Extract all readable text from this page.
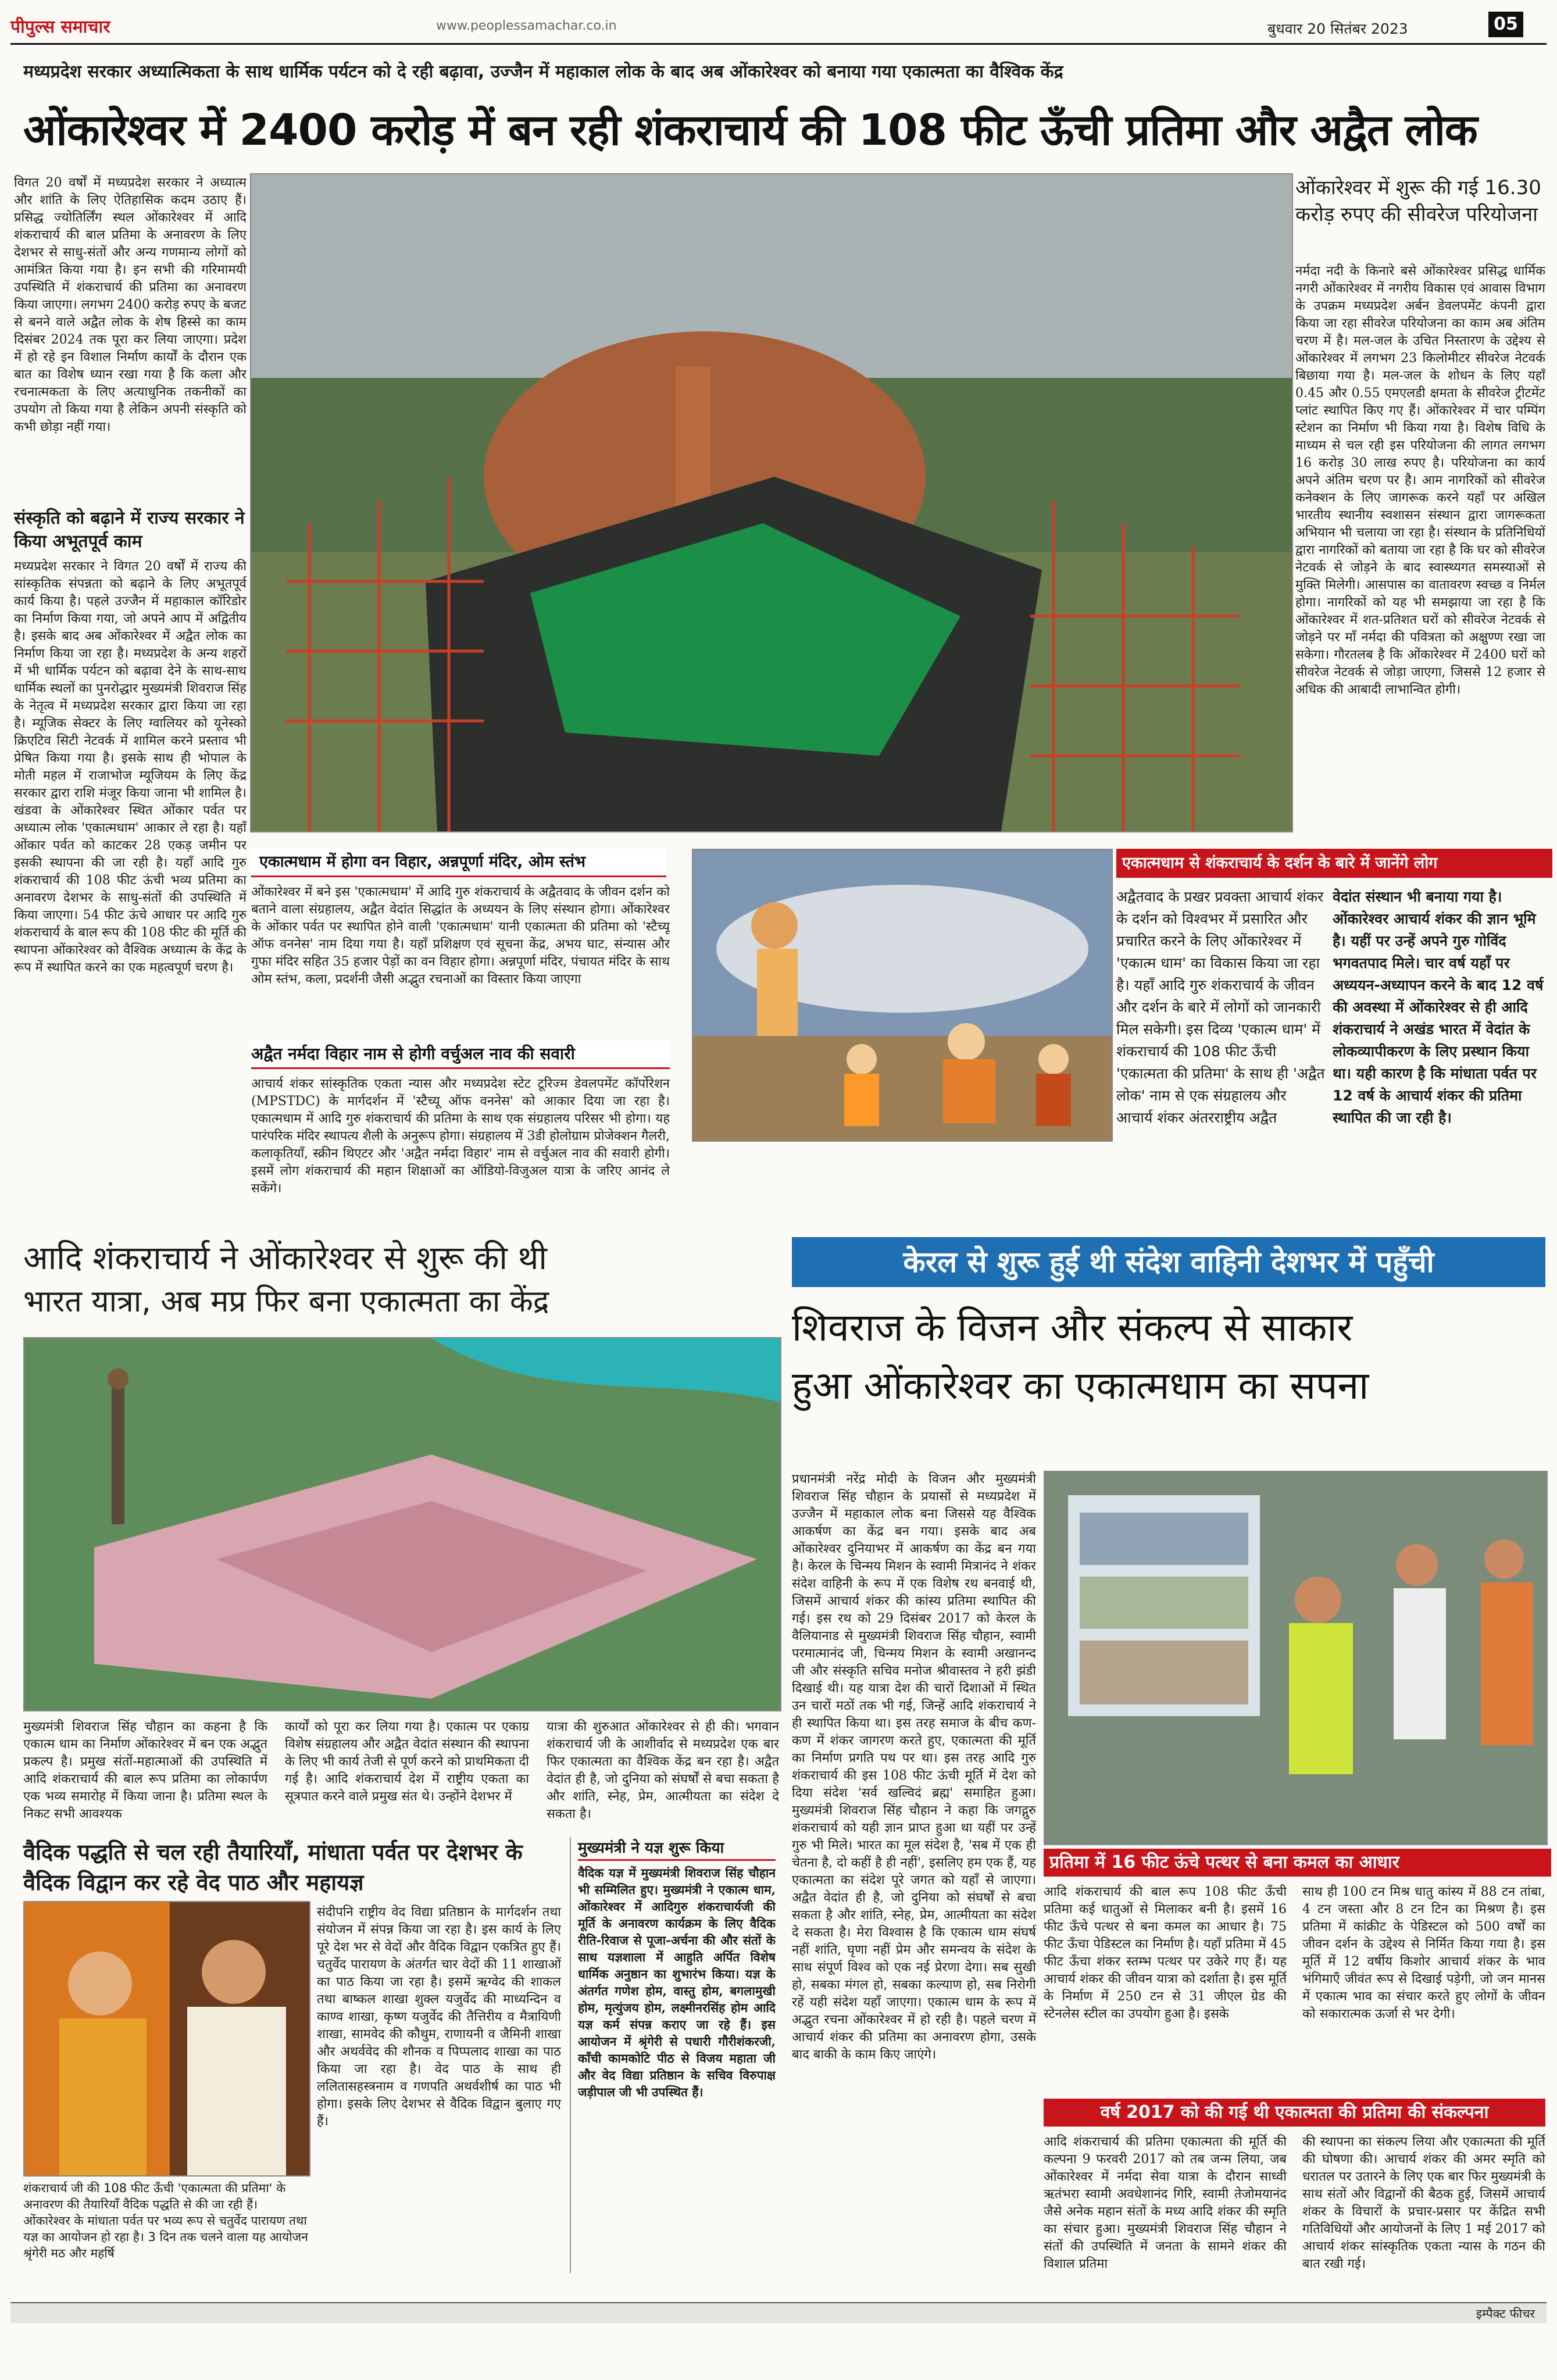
पीपुल्स समाचार	www.peoplessamachar.co.in	बुधवार 20 सितंबर 2023	05
मध्यप्रदेश सरकार अध्यात्मिकता के साथ धार्मिक पर्यटन को दे रही बढ़ावा, उज्जैन में महाकाल लोक के बाद अब ओंकारेश्वर को बनाया गया एकात्मता का वैश्विक केंद्र
ओंकारेश्वर में 2400 करोड़ में बन रही शंकराचार्य की 108 फीट ऊँची प्रतिमा और अद्वैत लोक
विगत 20 वर्षों में मध्यप्रदेश सरकार ने अध्यात्म और शांति के लिए ऐतिहासिक कदम उठाए हैं। प्रसिद्ध ज्योतिर्लिंग स्थल ओंकारेश्वर में आदि शंकराचार्य की बाल प्रतिमा के अनावरण के लिए देशभर से साधु-संतों और अन्य गणमान्य लोगों को आमंत्रित किया गया है। इन सभी की गरिमामयी उपस्थिति में शंकराचार्य की प्रतिमा का अनावरण किया जाएगा। लगभग 2400 करोड़ रुपए के बजट से बनने वाले अद्वैत लोक के शेष हिस्से का काम दिसंबर 2024 तक पूरा कर लिया जाएगा। प्रदेश में हो रहे इन विशाल निर्माण कार्यों के दौरान एक बात का विशेष ध्यान रखा गया है कि कला और रचनात्मकता के लिए अत्याधुनिक तकनीकों का उपयोग तो किया गया है लेकिन अपनी संस्कृति को कभी छोड़ा नहीं गया।
संस्कृति को बढ़ाने में राज्य सरकार ने किया अभूतपूर्व काम
मध्यप्रदेश सरकार ने विगत 20 वर्षों में राज्य की सांस्कृतिक संपन्नता को बढ़ाने के लिए अभूतपूर्व कार्य किया है। पहले उज्जैन में महाकाल कॉरिडोर का निर्माण किया गया, जो अपने आप में अद्वितीय है। इसके बाद अब ओंकारेश्वर में अद्वैत लोक का निर्माण किया जा रहा है। मध्यप्रदेश के अन्य शहरों में भी धार्मिक पर्यटन को बढ़ावा देने के साथ-साथ धार्मिक स्थलों का पुनरोद्धार मुख्यमंत्री शिवराज सिंह के नेतृत्व में मध्यप्रदेश सरकार द्वारा किया जा रहा है। म्यूजिक सेक्टर के लिए ग्वालियर को यूनेस्को क्रिएटिव सिटी नेटवर्क में शामिल करने प्रस्ताव भी प्रेषित किया गया है। इसके साथ ही भोपाल के मोती महल में राजाभोज म्यूजियम के लिए केंद्र सरकार द्वारा राशि मंजूर किया जाना भी शामिल है। खंडवा के ओंकारेश्वर स्थित ओंकार पर्वत पर अध्यात्म लोक 'एकात्मधाम' आकार ले रहा है। यहाँ ओंकार पर्वत को काटकर 28 एकड़ जमीन पर इसकी स्थापना की जा रही है। यहाँ आदि गुरु शंकराचार्य की 108 फीट ऊंची भव्य प्रतिमा का अनावरण देशभर के साधु-संतों की उपस्थिति में किया जाएगा। 54 फीट ऊंचे आधार पर आदि गुरु शंकराचार्य के बाल रूप की 108 फीट की मूर्ति की स्थापना ओंकारेश्वर को वैश्विक अध्यात्म के केंद्र के रूप में स्थापित करने का एक महत्वपूर्ण चरण है।
ओंकारेश्वर में शुरू की गई 16.30 करोड़ रुपए की सीवरेज परियोजना
नर्मदा नदी के किनारे बसे ओंकारेश्वर प्रसिद्ध धार्मिक नगरी ओंकारेश्वर में नगरीय विकास एवं आवास विभाग के उपक्रम मध्यप्रदेश अर्बन डेवलपमेंट कंपनी द्वारा किया जा रहा सीवरेज परियोजना का काम अब अंतिम चरण में है। मल-जल के उचित निस्तारण के उद्देश्य से ओंकारेश्वर में लगभग 23 किलोमीटर सीवरेज नेटवर्क बिछाया गया है। मल-जल के शोधन के लिए यहाँ 0.45 और 0.55 एमएलडी क्षमता के सीवरेज ट्रीटमेंट प्लांट स्थापित किए गए हैं। ओंकारेश्वर में चार पम्पिंग स्टेशन का निर्माण भी किया गया है। विशेष विधि के माध्यम से चल रही इस परियोजना की लागत लगभग 16 करोड़ 30 लाख रुपए है। परियोजना का कार्य अपने अंतिम चरण पर है। आम नागरिकों को सीवरेज कनेक्शन के लिए जागरूक करने यहाँ पर अखिल भारतीय स्थानीय स्वशासन संस्थान द्वारा जागरूकता अभियान भी चलाया जा रहा है। संस्थान के प्रतिनिधियों द्वारा नागरिकों को बताया जा रहा है कि घर को सीवरेज नेटवर्क से जोड़ने के बाद स्वास्थ्यगत समस्याओं से मुक्ति मिलेगी। आसपास का वातावरण स्वच्छ व निर्मल होगा। नागरिकों को यह भी समझाया जा रहा है कि ओंकारेश्वर में शत-प्रतिशत घरों को सीवरेज नेटवर्क से जोड़ने पर माँ नर्मदा की पवित्रता को अक्षुण्ण रखा जा सकेगा। गौरतलब है कि ओंकारेश्वर में 2400 घरों को सीवरेज नेटवर्क से जोड़ा जाएगा, जिससे 12 हजार से अधिक की आबादी लाभान्वित होगी।
एकात्मधाम में होगा वन विहार, अन्नपूर्णा मंदिर, ओम स्तंभ
ओंकारेश्वर में बने इस 'एकात्मधाम' में आदि गुरु शंकराचार्य के अद्वैतवाद के जीवन दर्शन को बताने वाला संग्रहालय, अद्वैत वेदांत सिद्धांत के अध्ययन के लिए संस्थान होगा। ओंकारेश्वर के ओंकार पर्वत पर स्थापित होने वाली 'एकात्मधाम' यानी एकात्मता की प्रतिमा को 'स्टैच्यू ऑफ वननेस' नाम दिया गया है। यहाँ प्रशिक्षण एवं सूचना केंद्र, अभय घाट, संन्यास और गुफा मंदिर सहित 35 हजार पेड़ों का वन विहार होगा। अन्नपूर्णा मंदिर, पंचायत मंदिर के साथ ओम स्तंभ, कला, प्रदर्शनी जैसी अद्भुत रचनाओं का विस्तार किया जाएगा
अद्वैत नर्मदा विहार नाम से होगी वर्चुअल नाव की सवारी
आचार्य शंकर सांस्कृतिक एकता न्यास और मध्यप्रदेश स्टेट टूरिज्म डेवलपमेंट कॉर्पोरेशन (MPSTDC) के मार्गदर्शन में 'स्टैच्यू ऑफ वननेस' को आकार दिया जा रहा है। एकात्मधाम में आदि गुरु शंकराचार्य की प्रतिमा के साथ एक संग्रहालय परिसर भी होगा। यह पारंपरिक मंदिर स्थापत्य शैली के अनुरूप होगा। संग्रहालय में 3डी होलोग्राम प्रोजेक्शन गैलरी, कलाकृतियाँ, स्क्रीन थिएटर और 'अद्वैत नर्मदा विहार' नाम से वर्चुअल नाव की सवारी होगी। इसमें लोग शंकराचार्य की महान शिक्षाओं का ऑडियो-विजुअल यात्रा के जरिए आनंद ले सकेंगे।
एकात्मधाम से शंकराचार्य के दर्शन के बारे में जानेंगे लोग
अद्वैतवाद के प्रखर प्रवक्ता आचार्य शंकर के दर्शन को विश्वभर में प्रसारित और प्रचारित करने के लिए ओंकारेश्वर में 'एकात्म धाम' का विकास किया जा रहा है। यहाँ आदि गुरु शंकराचार्य के जीवन और दर्शन के बारे में लोगों को जानकारी मिल सकेगी। इस दिव्य 'एकात्म धाम' में शंकराचार्य की 108 फीट ऊँची 'एकात्मता की प्रतिमा' के साथ ही 'अद्वैत लोक' नाम से एक संग्रहालय और आचार्य शंकर अंतरराष्ट्रीय अद्वैत
वेदांत संस्थान भी बनाया गया है। ओंकारेश्वर आचार्य शंकर की ज्ञान भूमि है। यहीं पर उन्हें अपने गुरु गोविंद भगवतपाद मिले। चार वर्ष यहाँ पर अध्ययन-अध्यापन करने के बाद 12 वर्ष की अवस्था में ओंकारेश्वर से ही आदि शंकराचार्य ने अखंड भारत में वेदांत के लोकव्यापीकरण के लिए प्रस्थान किया था। यही कारण है कि मांधाता पर्वत पर 12 वर्ष के आचार्य शंकर की प्रतिमा स्थापित की जा रही है।
आदि शंकराचार्य ने ओंकारेश्वर से शुरू की थी
भारत यात्रा, अब मप्र फिर बना एकात्मता का केंद्र
मुख्यमंत्री शिवराज सिंह चौहान का कहना है कि एकात्म धाम का निर्माण ओंकारेश्वर में बन एक अद्भुत प्रकल्प है। प्रमुख संतों-महात्माओं की उपस्थिति में आदि शंकराचार्य की बाल रूप प्रतिमा का लोकार्पण एक भव्य समारोह में किया जाना है। प्रतिमा स्थल के निकट सभी आवश्यक
कार्यों को पूरा कर लिया गया है। एकात्म पर एकाग्र विशेष संग्रहालय और अद्वैत वेदांत संस्थान की स्थापना के लिए भी कार्य तेजी से पूर्ण करने को प्राथमिकता दी गई है। आदि शंकराचार्य देश में राष्ट्रीय एकता का सूत्रपात करने वाले प्रमुख संत थे। उन्होंने देशभर में
यात्रा की शुरुआत ओंकारेश्वर से ही की। भगवान शंकराचार्य जी के आशीर्वाद से मध्यप्रदेश एक बार फिर एकात्मता का वैश्विक केंद्र बन रहा है। अद्वैत वेदांत ही है, जो दुनिया को संघर्षों से बचा सकता है और शांति, स्नेह, प्रेम, आत्मीयता का संदेश दे सकता है।
वैदिक पद्धति से चल रही तैयारियाँ, मांधाता पर्वत पर देशभर के वैदिक विद्वान कर रहे वेद पाठ और महायज्ञ
संदीपनि राष्ट्रीय वेद विद्या प्रतिष्ठान के मार्गदर्शन तथा संयोजन में संपन्न किया जा रहा है। इस कार्य के लिए पूरे देश भर से वेदों और वैदिक विद्वान एकत्रित हुए हैं। चतुर्वेद पारायण के अंतर्गत चार वेदों की 11 शाखाओं का पाठ किया जा रहा है। इसमें ऋग्वेद की शाकल तथा बाष्कल शाखा शुक्ल यजुर्वेद की माध्यन्दिन व काण्व शाखा, कृष्ण यजुर्वेद की तैत्तिरीय व मैत्रायिणी शाखा, सामवेद की कौथुम, राणायनी व जैमिनी शाखा और अथर्ववेद की शौनक व पिप्पलाद शाखा का पाठ किया जा रहा है। वेद पाठ के साथ ही ललितासहस्त्रनाम व गणपति अथर्वशीर्ष का पाठ भी होगा। इसके लिए देशभर से वैदिक विद्वान बुलाए गए हैं।
शंकराचार्य जी की 108 फीट ऊँची 'एकात्मता की प्रतिमा' के अनावरण की तैयारियाँ वैदिक पद्धति से की जा रही हैं। ओंकारेश्वर के मांधाता पर्वत पर भव्य रूप से चतुर्वेद पारायण तथा यज्ञ का आयोजन हो रहा है। 3 दिन तक चलने वाला यह आयोजन श्रृंगेरी मठ और महर्षि
मुख्यमंत्री ने यज्ञ शुरू किया
वैदिक यज्ञ में मुख्यमंत्री शिवराज सिंह चौहान भी सम्मिलित हुए। मुख्यमंत्री ने एकात्म धाम, ओंकारेश्वर में आदिगुरु शंकराचार्यजी की मूर्ति के अनावरण कार्यक्रम के लिए वैदिक रीति-रिवाज से पूजा-अर्चना की और संतों के साथ यज्ञशाला में आहुति अर्पित विशेष धार्मिक अनुष्ठान का शुभारंभ किया। यज्ञ के अंतर्गत गणेश होम, वास्तु होम, बगलामुखी होम, मृत्युंजय होम, लक्ष्मीनरसिंह होम आदि यज्ञ कर्म संपन्न कराए जा रहे हैं। इस आयोजन में श्रृंगेरी से पधारी गौरीशंकरजी, काँची कामकोटि पीठ से विजय महाता जी और वेद विद्या प्रतिष्ठान के सचिव विरुपाक्ष जड़ीपाल जी भी उपस्थित हैं।
केरल से शुरू हुई थी संदेश वाहिनी देशभर में पहुँची
शिवराज के विजन और संकल्प से साकार
हुआ ओंकारेश्वर का एकात्मधाम का सपना
प्रधानमंत्री नरेंद्र मोदी के विजन और मुख्यमंत्री शिवराज सिंह चौहान के प्रयासों से मध्यप्रदेश में उज्जैन में महाकाल लोक बना जिससे यह वैश्विक आकर्षण का केंद्र बन गया। इसके बाद अब ओंकारेश्वर दुनियाभर में आकर्षण का केंद्र बन गया है। केरल के चिन्मय मिशन के स्वामी मित्रानंद ने शंकर संदेश वाहिनी के रूप में एक विशेष रथ बनवाई थी, जिसमें आचार्य शंकर की कांस्य प्रतिमा स्थापित की गई। इस रथ को 29 दिसंबर 2017 को केरल के वैलियानाड से मुख्यमंत्री शिवराज सिंह चौहान, स्वामी परमात्मानंद जी, चिन्मय मिशन के स्वामी अखानन्द जी और संस्कृति सचिव मनोज श्रीवास्तव ने हरी झंडी दिखाई थी। यह यात्रा देश की चारों दिशाओं में स्थित उन चारों मठों तक भी गई, जिन्हें आदि शंकराचार्य ने ही स्थापित किया था। इस तरह समाज के बीच कण-कण में शंकर जागरण करते हुए, एकात्मता की मूर्ति का निर्माण प्रगति पथ पर था। इस तरह आदि गुरु शंकराचार्य की इस 108 फीट ऊंची मूर्ति में देश को दिया संदेश 'सर्व खल्विदं ब्रह्म' समाहित हुआ। मुख्यमंत्री शिवराज सिंह चौहान ने कहा कि जगद्गुरु शंकराचार्य को यही ज्ञान प्राप्त हुआ था यहीं पर उन्हें गुरु भी मिले। भारत का मूल संदेश है, 'सब में एक ही चेतना है, दो कहीं है ही नहीं', इसलिए हम एक हैं, यह एकात्मता का संदेश पूरे जगत को यहाँ से जाएगा। अद्वैत वेदांत ही है, जो दुनिया को संघर्षों से बचा सकता है और शांति, स्नेह, प्रेम, आत्मीयता का संदेश दे सकता है। मेरा विश्वास है कि एकात्म धाम संघर्ष नहीं शांति, घृणा नहीं प्रेम और समन्वय के संदेश के साथ संपूर्ण विश्व को एक नई प्रेरणा देगा। सब सुखी हो, सबका मंगल हो, सबका कल्याण हो, सब निरोगी रहें यही संदेश यहाँ जाएगा। एकात्म धाम के रूप में अद्भुत रचना ओंकारेश्वर में हो रही है। पहले चरण में आचार्य शंकर की प्रतिमा का अनावरण होगा, उसके बाद बाकी के काम किए जाएंगे।
प्रतिमा में 16 फीट ऊंचे पत्थर से बना कमल का आधार
आदि शंकराचार्य की बाल रूप 108 फीट ऊँची प्रतिमा कई धातुओं से मिलाकर बनी है। इसमें 16 फीट ऊँचे पत्थर से बना कमल का आधार है। 75 फीट ऊँचा पेडिस्टल का निर्माण है। यहाँ प्रतिमा में 45 फीट ऊँचा शंकर स्तम्भ पत्थर पर उकेरे गए हैं। यह आचार्य शंकर की जीवन यात्रा को दर्शाता है। इस मूर्ति के निर्माण में 250 टन से 31 जीएल ग्रेड की स्टेनलेस स्टील का उपयोग हुआ है। इसके
साथ ही 100 टन मिश्र धातु कांस्य में 88 टन तांबा, 4 टन जस्ता और 8 टन टिन का मिश्रण है। इस प्रतिमा में कांक्रीट के पेडिस्टल को 500 वर्षों का जीवन दर्शन के उद्देश्य से निर्मित किया गया है। इस मूर्ति में 12 वर्षीय किशोर आचार्य शंकर के भाव भंगिमाएँ जीवंत रूप से दिखाई पड़ेगी, जो जन मानस में एकात्म भाव का संचार करते हुए लोगों के जीवन को सकारात्मक ऊर्जा से भर देगी।
वर्ष 2017 को की गई थी एकात्मता की प्रतिमा की संकल्पना
आदि शंकराचार्य की प्रतिमा एकात्मता की मूर्ति की कल्पना 9 फरवरी 2017 को तब जन्म लिया, जब ओंकारेश्वर में नर्मदा सेवा यात्रा के दौरान साध्वी ऋतंभरा स्वामी अवधेशानंद गिरि, स्वामी तेजोमयानंद जैसे अनेक महान संतों के मध्य आदि शंकर की स्मृति का संचार हुआ। मुख्यमंत्री शिवराज सिंह चौहान ने संतों की उपस्थिति में जनता के सामने शंकर की विशाल प्रतिमा
की स्थापना का संकल्प लिया और एकात्मता की मूर्ति की घोषणा की। आचार्य शंकर की अमर स्मृति को धरातल पर उतारने के लिए एक बार फिर मुख्यमंत्री के साथ संतों और विद्वानों की बैठक हुई, जिसमें आचार्य शंकर के विचारों के प्रचार-प्रसार पर केंद्रित सभी गतिविधियों और आयोजनों के लिए 1 मई 2017 को आचार्य शंकर सांस्कृतिक एकता न्यास के गठन की बात रखी गई।
इम्पैक्ट फीचर
